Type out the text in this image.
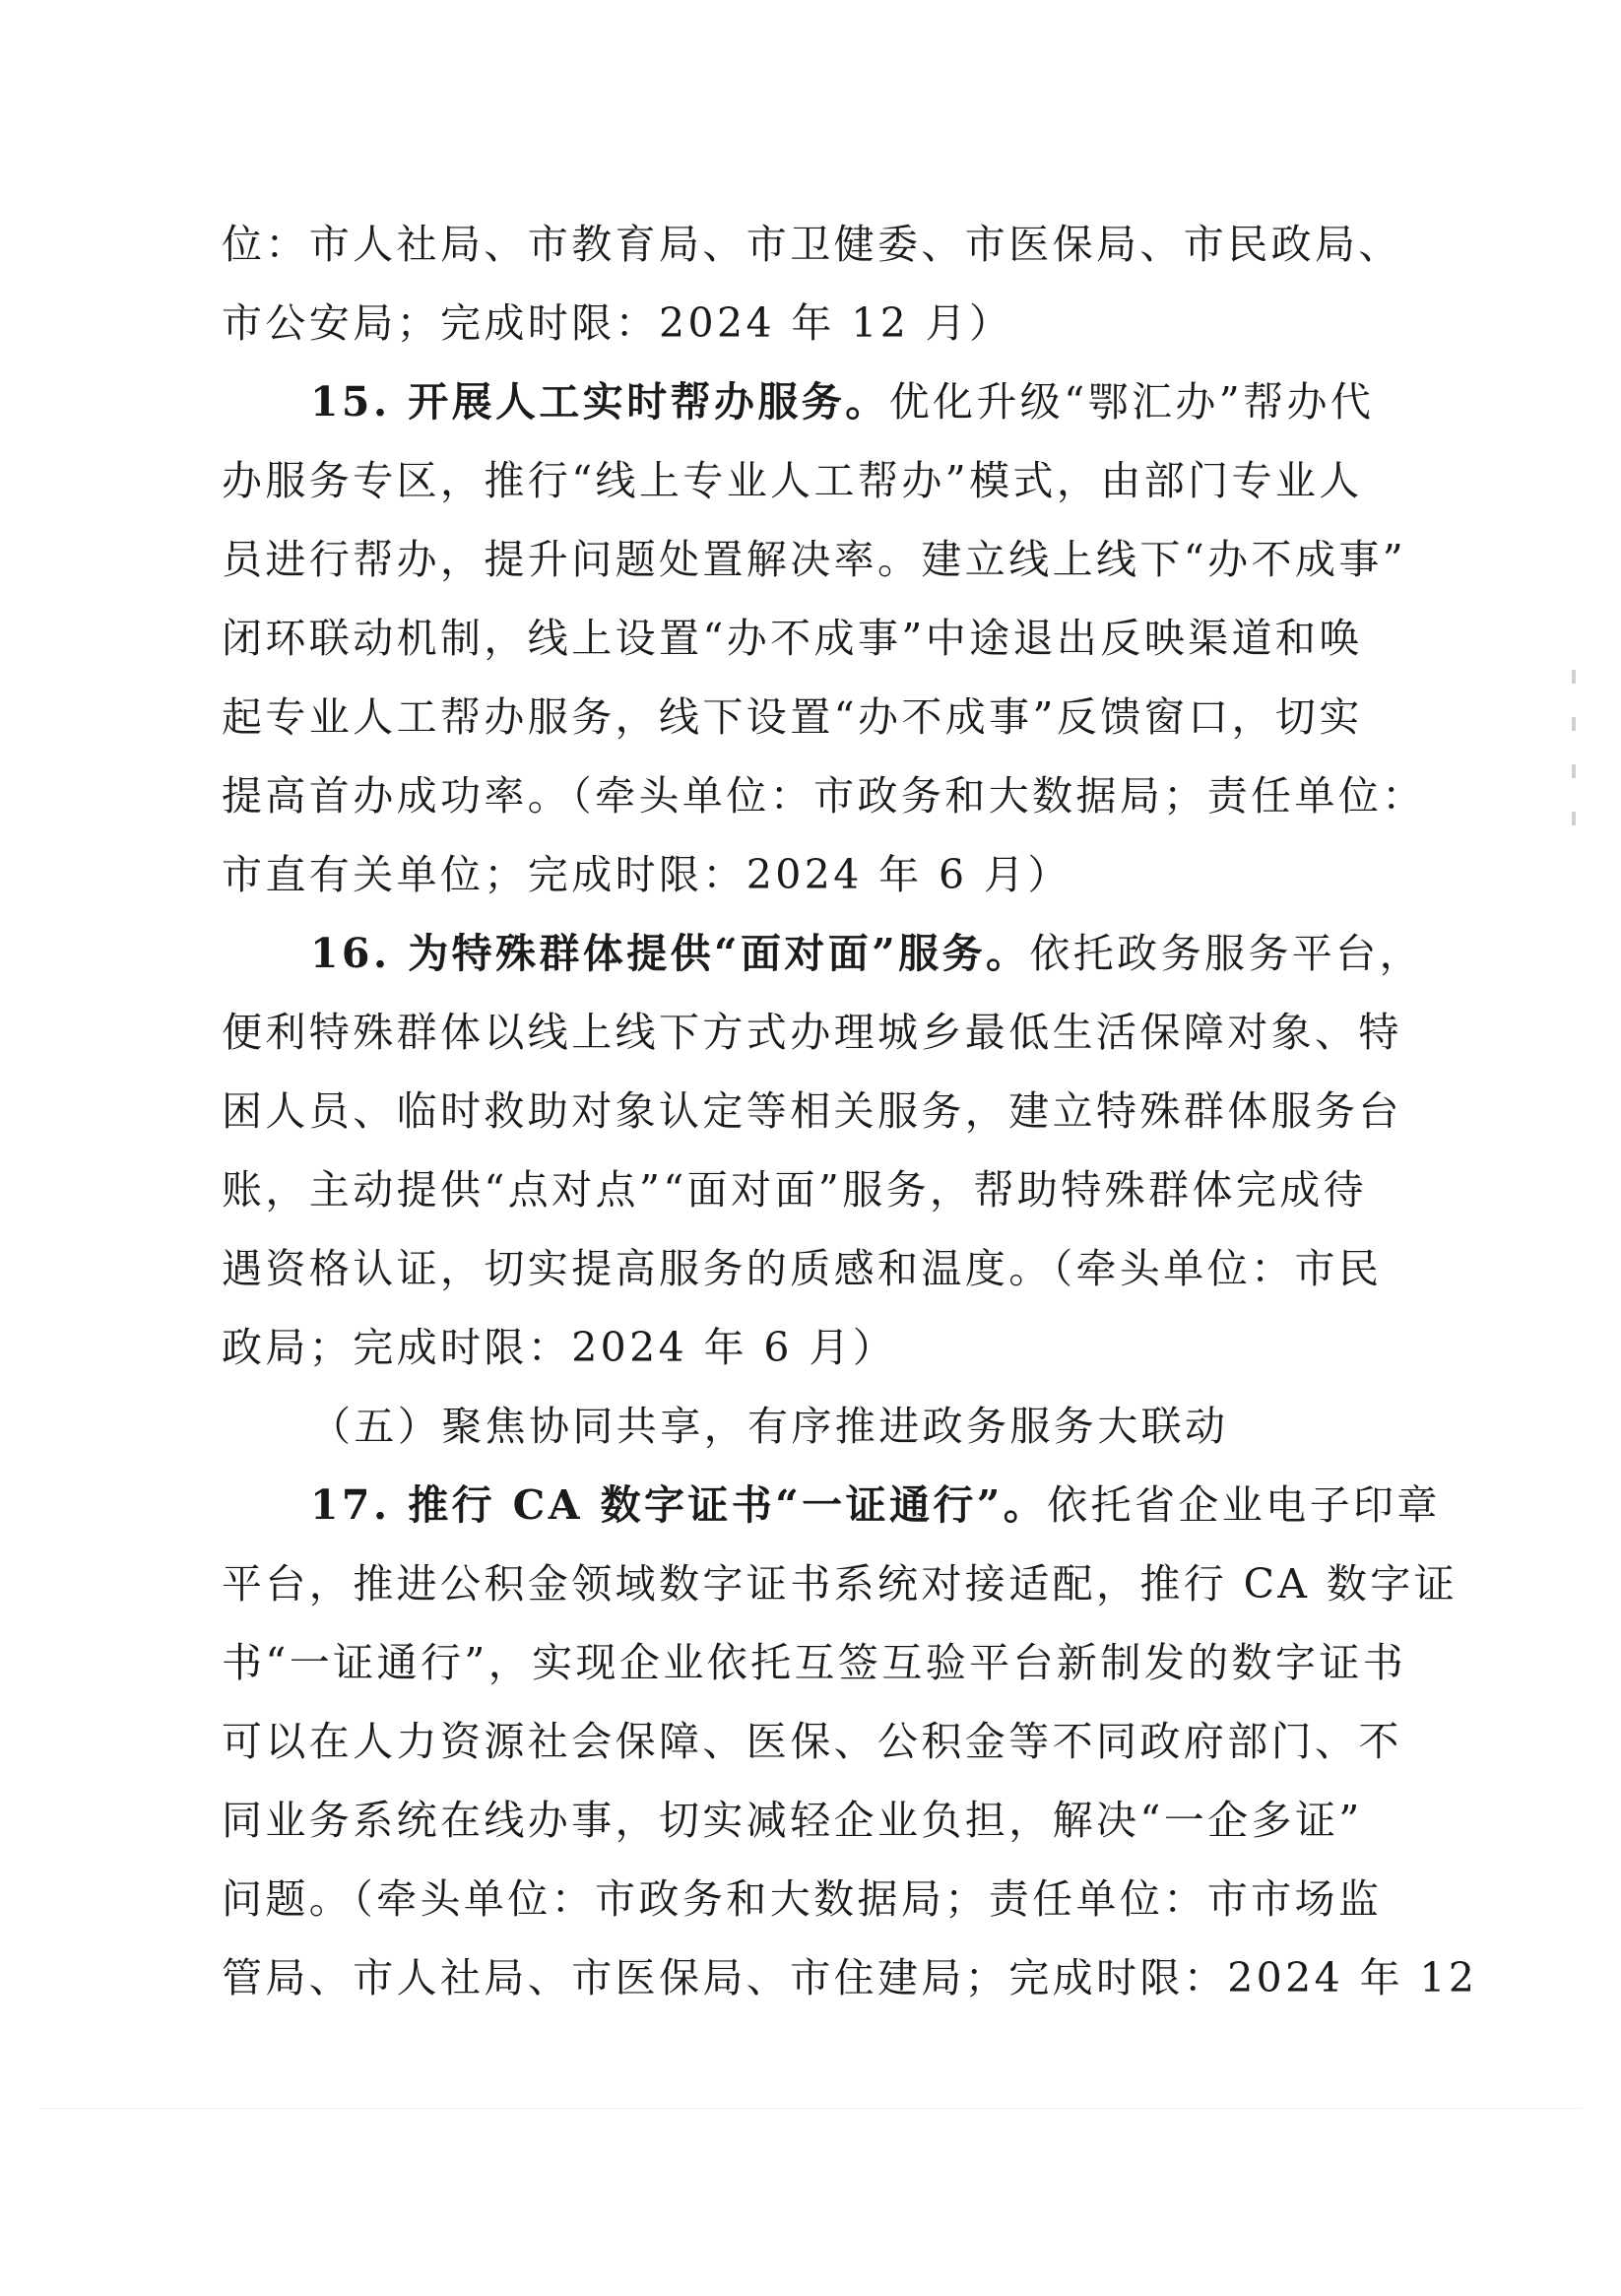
位：市人社局、市教育局、市卫健委、市医保局、市民政局、
市公安局；完成时限：2024 年 12 月）
15. 开展人工实时帮办服务。优化升级“鄂汇办”帮办代
办服务专区，推行“线上专业人工帮办”模式，由部门专业人
员进行帮办，提升问题处置解决率。建立线上线下“办不成事”
闭环联动机制，线上设置“办不成事”中途退出反映渠道和唤
起专业人工帮办服务，线下设置“办不成事”反馈窗口，切实
提高首办成功率。（牵头单位：市政务和大数据局；责任单位：
市直有关单位；完成时限：2024 年 6 月）
16. 为特殊群体提供“面对面”服务。依托政务服务平台，
便利特殊群体以线上线下方式办理城乡最低生活保障对象、特
困人员、临时救助对象认定等相关服务，建立特殊群体服务台
账，主动提供“点对点”“面对面”服务，帮助特殊群体完成待
遇资格认证，切实提高服务的质感和温度。（牵头单位：市民
政局；完成时限：2024 年 6 月）
（五）聚焦协同共享，有序推进政务服务大联动
17. 推行 CA 数字证书“一证通行”。依托省企业电子印章
平台，推进公积金领域数字证书系统对接适配，推行 CA 数字证
书“一证通行”，实现企业依托互签互验平台新制发的数字证书
可以在人力资源社会保障、医保、公积金等不同政府部门、不
同业务系统在线办事，切实减轻企业负担，解决“一企多证”
问题。（牵头单位：市政务和大数据局；责任单位：市市场监
管局、市人社局、市医保局、市住建局；完成时限：2024 年 12
